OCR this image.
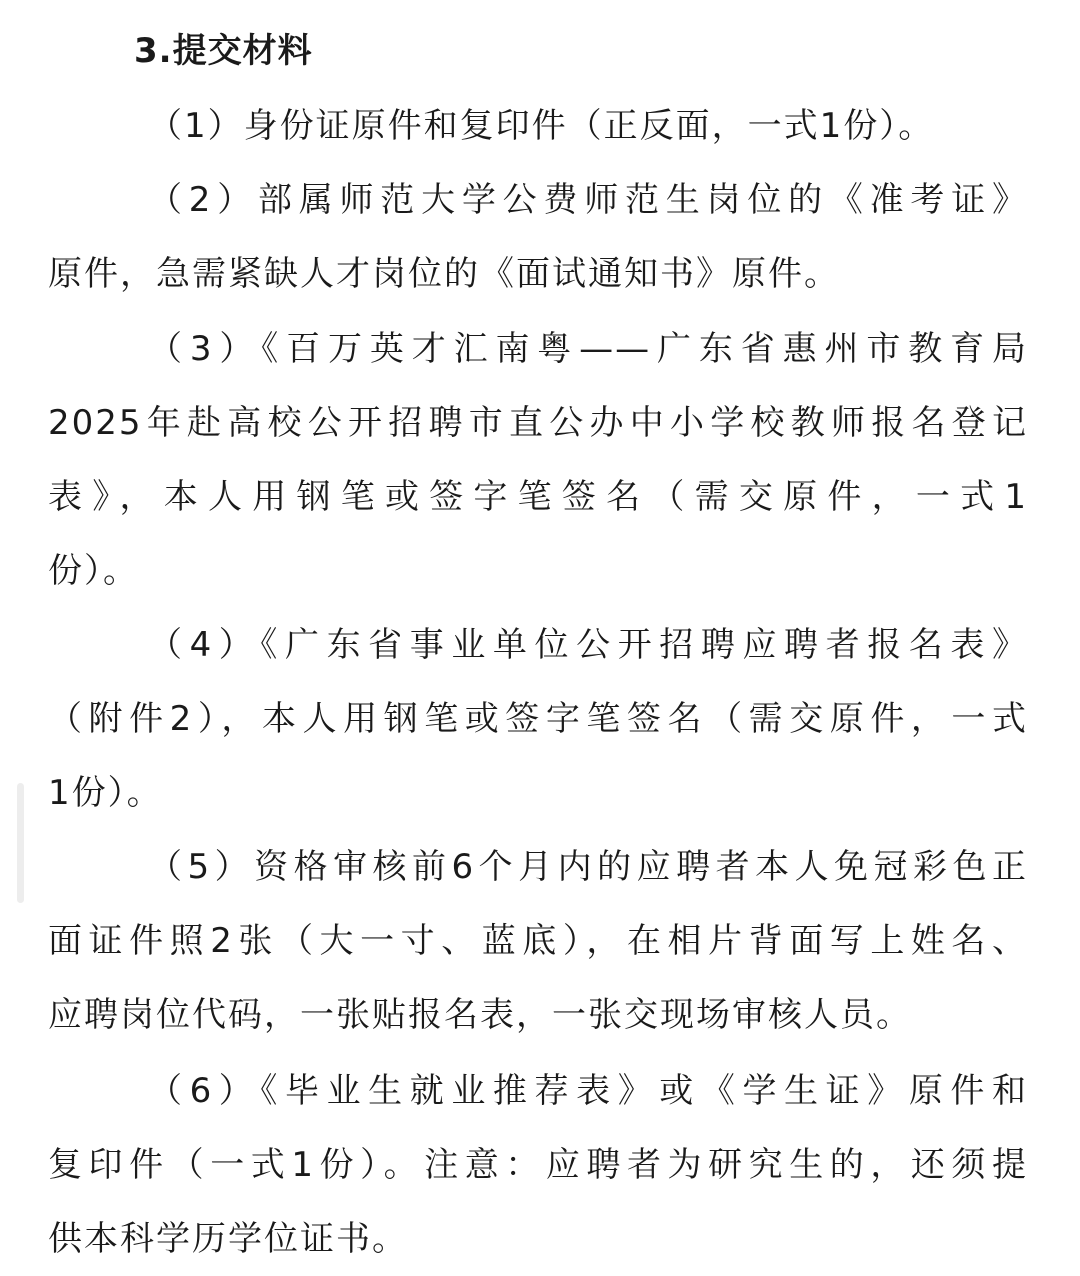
3.提交材料
（1）身份证原件和复印件（正反面，一式1份）。
（2）部属师范大学公费师范生岗位的《准考证》
原件，急需紧缺人才岗位的《面试通知书》原件。
（3）《百万英才汇南粤——广东省惠州市教育局
2025年赴高校公开招聘市直公办中小学校教师报名登记
表》，本人用钢笔或签字笔签名（需交原件，一式1
份）。
（4）《广东省事业单位公开招聘应聘者报名表》
（附件2），本人用钢笔或签字笔签名（需交原件，一式
1份）。
（5）资格审核前6个月内的应聘者本人免冠彩色正
面证件照2张（大一寸、蓝底），在相片背面写上姓名、
应聘岗位代码，一张贴报名表，一张交现场审核人员。
（6）《毕业生就业推荐表》或《学生证》原件和
复印件（一式1份）。注意：应聘者为研究生的，还须提
供本科学历学位证书。
